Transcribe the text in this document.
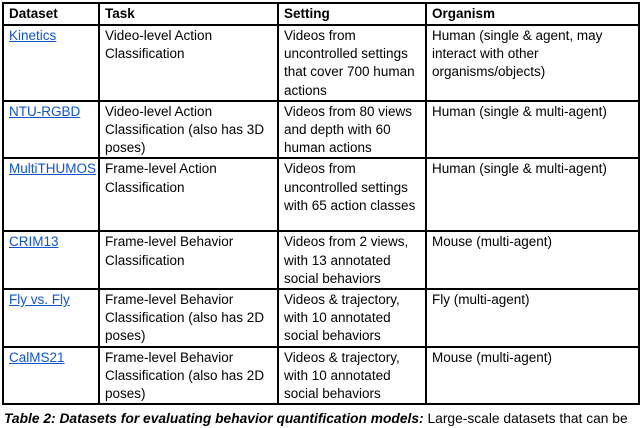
Dataset	Task	Setting	Organism
Kinetics	Video-level Action Classification	Videos from uncontrolled settings that cover 700 human actions	Human (single & agent, may interact with other organisms/objects)
NTU-RGBD	Video-level Action Classification (also has 3D poses)	Videos from 80 views and depth with 60 human actions	Human (single & multi-agent)
MultiTHUMOS	Frame-level Action Classification	Videos from uncontrolled settings with 65 action classes	Human (single & multi-agent)
CRIM13	Frame-level Behavior Classification	Videos from 2 views, with 13 annotated social behaviors	Mouse (multi-agent)
Fly vs. Fly	Frame-level Behavior Classification (also has 2D poses)	Videos & trajectory, with 10 annotated social behaviors	Fly (multi-agent)
CalMS21	Frame-level Behavior Classification (also has 2D poses)	Videos & trajectory, with 10 annotated social behaviors	Mouse (multi-agent)
Table 2: Datasets for evaluating behavior quantification models: Large-scale datasets that can be
